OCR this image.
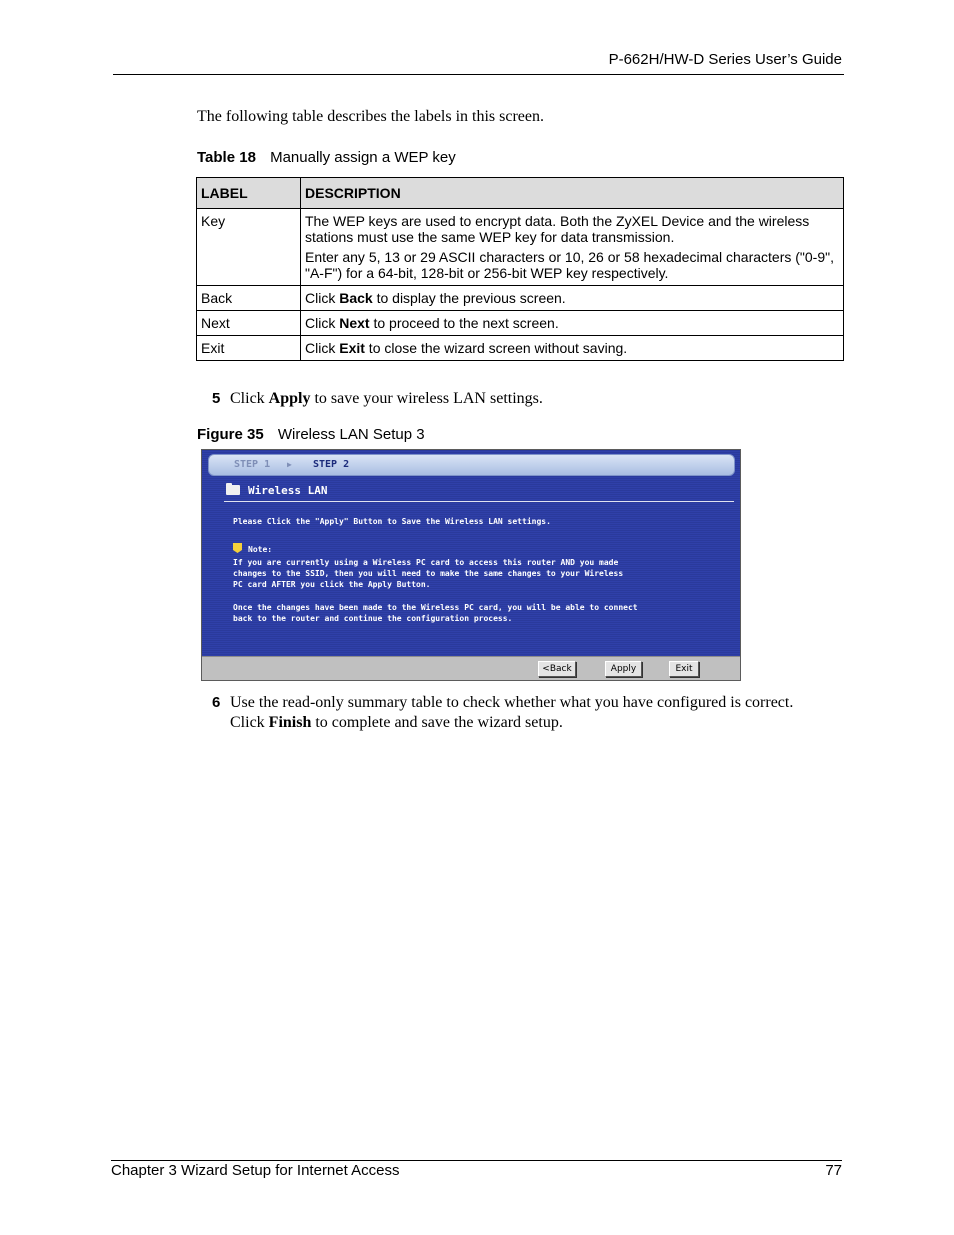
P-662H/HW-D Series User’s Guide
The following table describes the labels in this screen.
Table 18 Manually assign a WEP key
LABEL	DESCRIPTION
Key	The WEP keys are used to encrypt data. Both the ZyXEL Device and the wireless stations must use the same WEP key for data transmission.

Enter any 5, 13 or 29 ASCII characters or 10, 26 or 58 hexadecimal characters ("0-9", "A-F") for a 64-bit, 128-bit or 256-bit WEP key respectively.

Back	Click Back to display the previous screen.
Next	Click Next to proceed to the next screen.
Exit	Click Exit to close the wizard screen without saving.
5 Click Apply to save your wireless LAN settings.
Figure 35 Wireless LAN Setup 3
STEP 1 ▶ STEP 2
Wireless LAN
Please Click the "Apply" Button to Save the Wireless LAN settings.
Note:
If you are currently using a Wireless PC card to access this router AND you made
changes to the SSID, then you will need to make the same changes to your Wireless
PC card AFTER you click the Apply Button.
Once the changes have been made to the Wireless PC card, you will be able to connect
back to the router and continue the configuration process.
<Back	Apply	Exit
6 Use the read-only summary table to check whether what you have configured is correct.
Click Finish to complete and save the wizard setup.
Chapter 3 Wizard Setup for Internet Access	77
